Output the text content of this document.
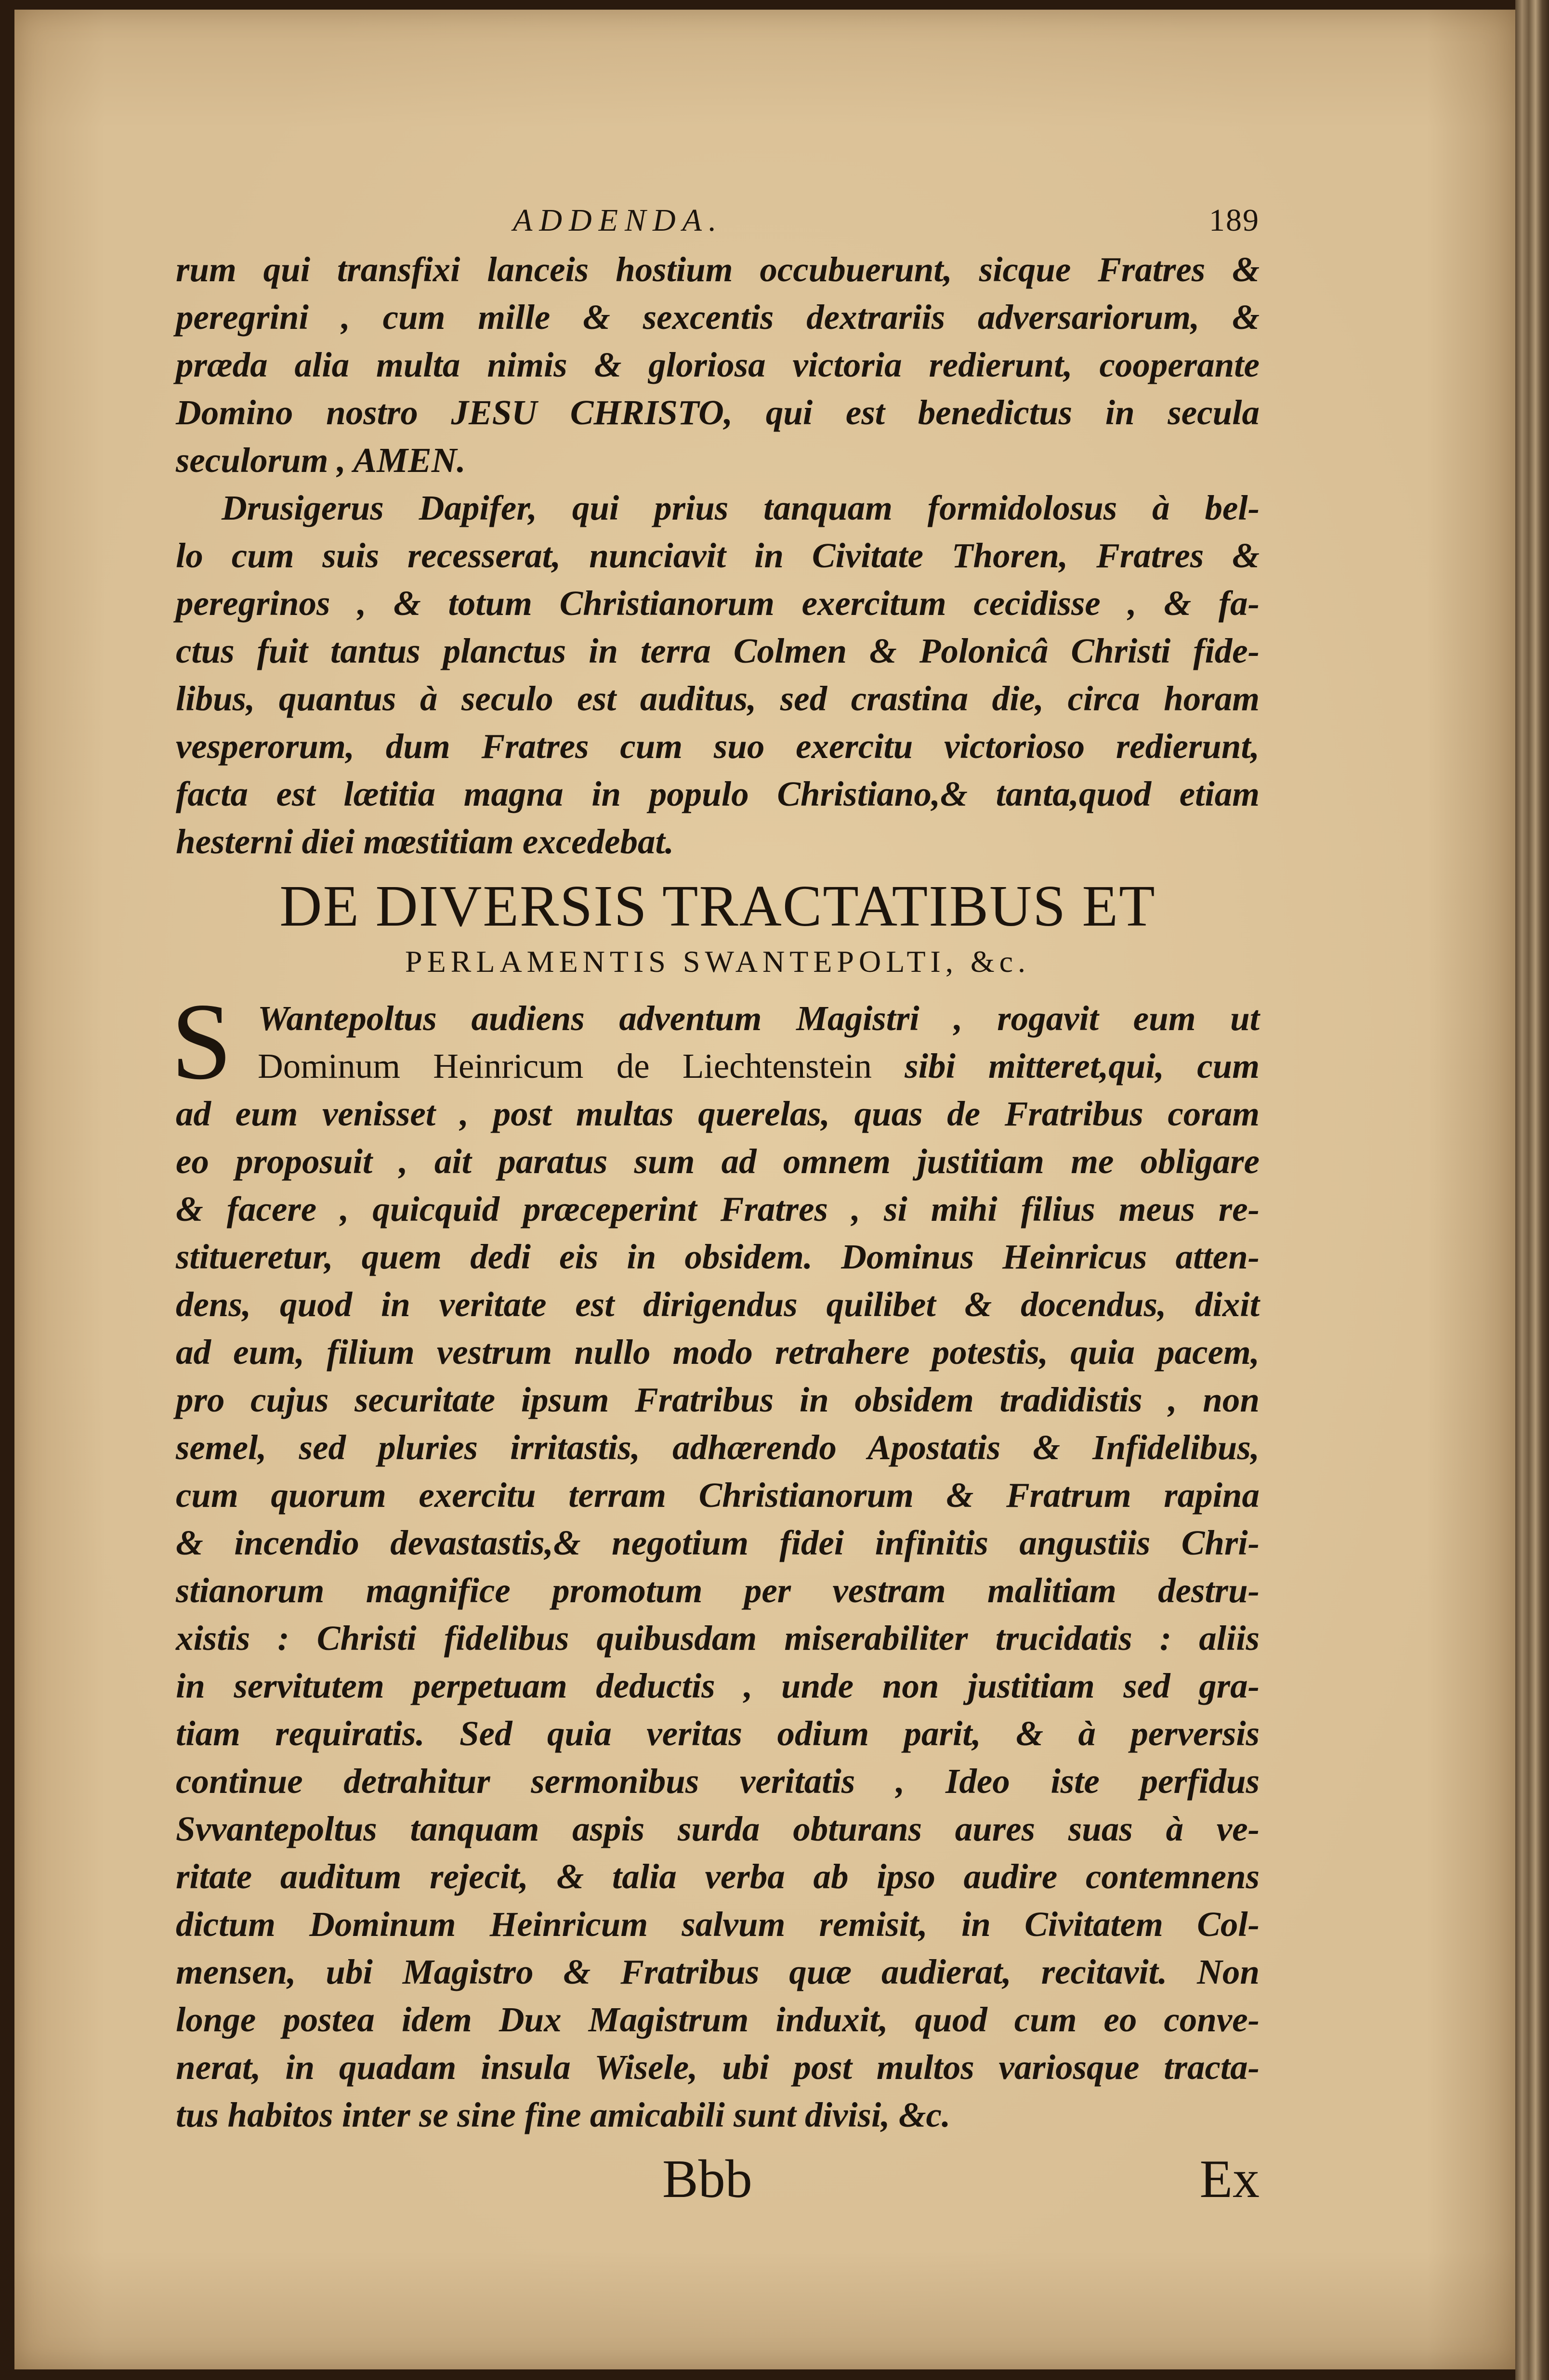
ADDENDA.	189
rum qui transfixi lanceis hostium occubuerunt, sicque Fratres &
peregrini , cum mille & sexcentis dextrariis adversariorum, &
præda alia multa nimis & gloriosa victoria redierunt, cooperante
Domino nostro JESU CHRISTO, qui est benedictus in secula
seculorum , AMEN.
Drusigerus Dapifer, qui prius tanquam formidolosus à bel-
lo cum suis recesserat, nunciavit in Civitate Thoren, Fratres &
peregrinos , & totum Christianorum exercitum cecidisse , & fa-
ctus fuit tantus planctus in terra Colmen & Polonicâ Christi fide-
libus, quantus à seculo est auditus, sed crastina die, circa horam
vesperorum, dum Fratres cum suo exercitu victorioso redierunt,
facta est lætitia magna in populo Christiano,& tanta,quod etiam
hesterni diei mœstitiam excedebat.
DE DIVERSIS TRACTATIBUS ET
PERLAMENTIS SWANTEPOLTI, &c.
S Wantepoltus audiens adventum Magistri , rogavit eum ut
Dominum Heinricum de Liechtenstein sibi mitteret,qui, cum
ad eum venisset , post multas querelas, quas de Fratribus coram
eo proposuit , ait paratus sum ad omnem justitiam me obligare
& facere , quicquid præceperint Fratres , si mihi filius meus re-
stitueretur, quem dedi eis in obsidem. Dominus Heinricus atten-
dens, quod in veritate est dirigendus quilibet & docendus, dixit
ad eum, filium vestrum nullo modo retrahere potestis, quia pacem,
pro cujus securitate ipsum Fratribus in obsidem tradidistis , non
semel, sed pluries irritastis, adhærendo Apostatis & Infidelibus,
cum quorum exercitu terram Christianorum & Fratrum rapina
& incendio devastastis,& negotium fidei infinitis angustiis Chri-
stianorum magnifice promotum per vestram malitiam destru-
xistis : Christi fidelibus quibusdam miserabiliter trucidatis : aliis
in servitutem perpetuam deductis , unde non justitiam sed gra-
tiam requiratis. Sed quia veritas odium parit, & à perversis
continue detrahitur sermonibus veritatis , Ideo iste perfidus
Svvantepoltus tanquam aspis surda obturans aures suas à ve-
ritate auditum rejecit, & talia verba ab ipso audire contemnens
dictum Dominum Heinricum salvum remisit, in Civitatem Col-
mensen, ubi Magistro & Fratribus quæ audierat, recitavit. Non
longe postea idem Dux Magistrum induxit, quod cum eo conve-
nerat, in quadam insula Wisele, ubi post multos variosque tracta-
tus habitos inter se sine fine amicabili sunt divisi, &c.
Bbb	Ex
